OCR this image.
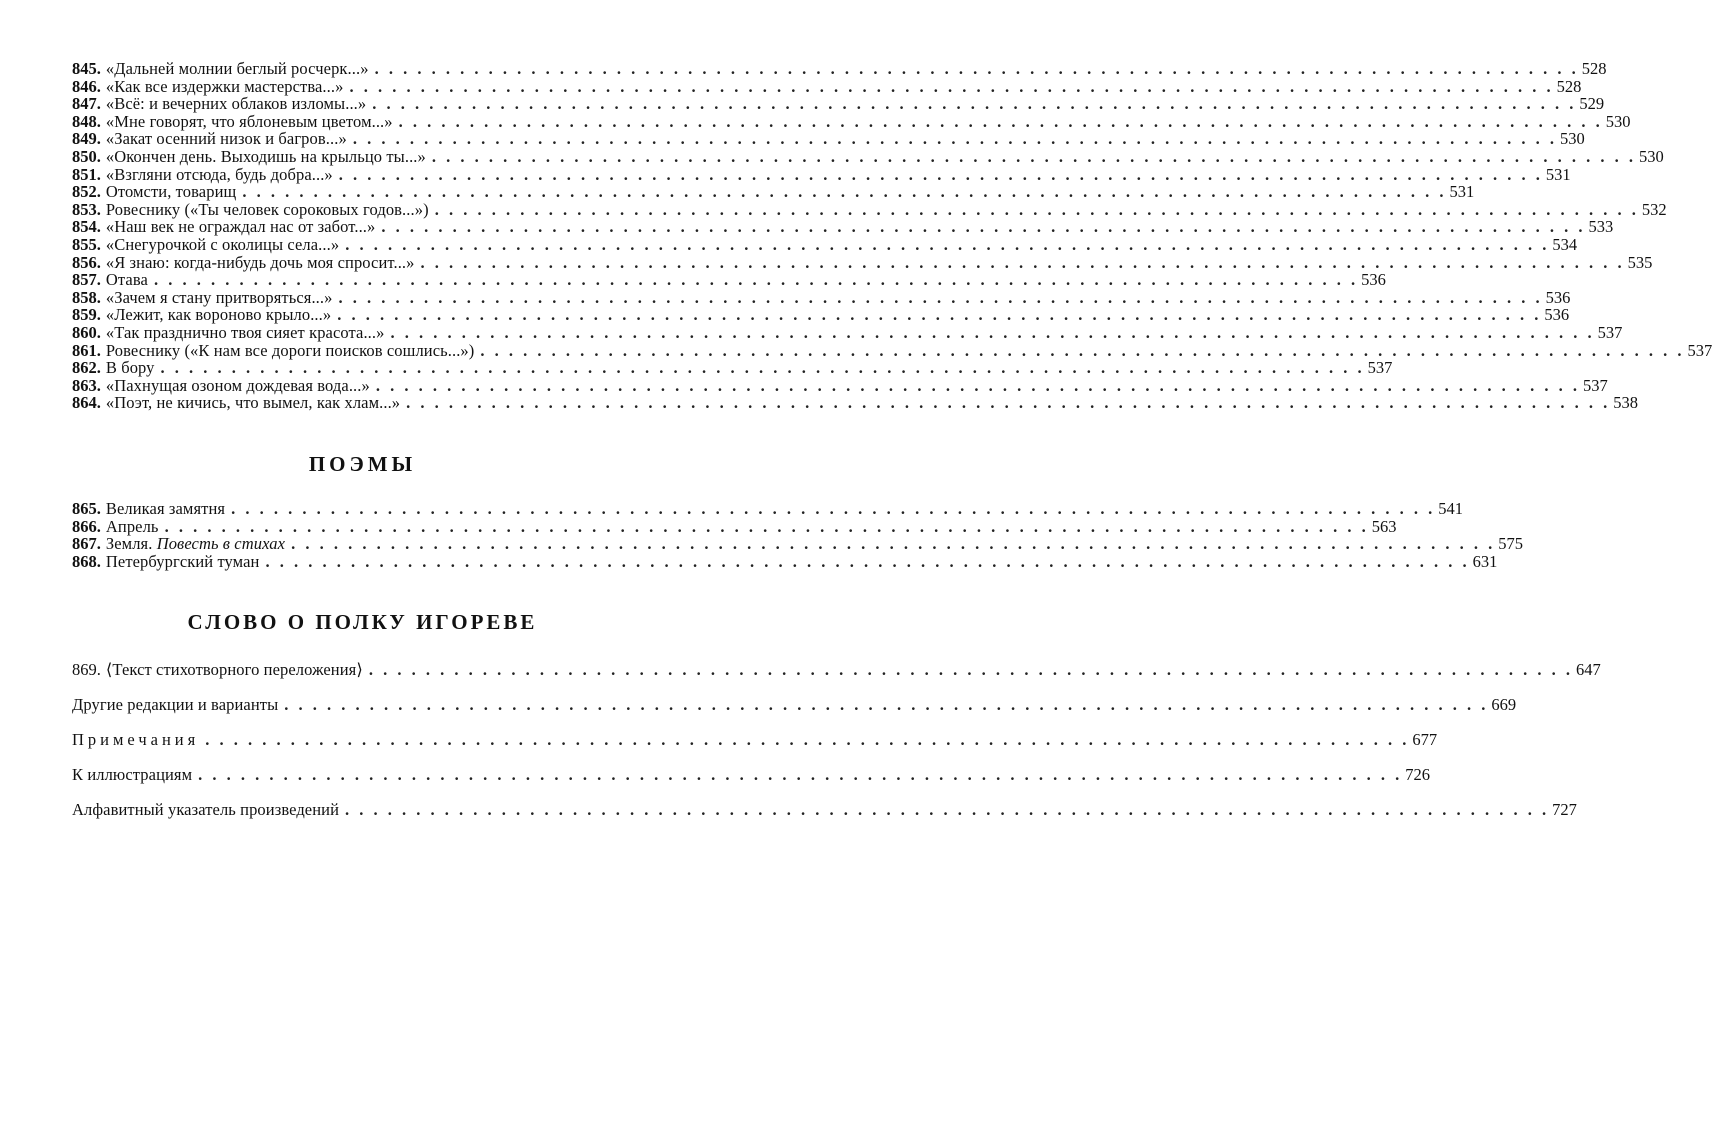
845. «Дальней молнии беглый росчерк...» . . .	528
846. «Как все издержки мастерства...» . . .	528
847. «Всё: и вечерних облаков изломы...» . . .	529
848. «Мне говорят, что яблоневым цветом...» . . .	530
849. «Закат осенний низок и багров...» . . .	530
850. «Окончен день. Выходишь на крыльцо ты...» . . .	530
851. «Взгляни отсюда, будь добра...» . . .	531
852. Отомсти, товарищ . . .	531
853. Ровеснику («Ты человек сороковых годов...») . . .	532
854. «Наш век не ограждал нас от забот...» . . .	533
855. «Снегурочкой с околицы села...» . . .	534
856. «Я знаю: когда-нибудь дочь моя спросит...» . . .	535
857. Отава . . .	536
858. «Зачем я стану притворяться...» . . .	536
859. «Лежит, как вороново крыло...» . . .	536
860. «Так празднично твоя сияет красота...» . . .	537
861. Ровеснику («К нам все дороги поисков сошлись...») . . .	537
862. В бору . . .	537
863. «Пахнущая озоном дождевая вода...» . . .	537
864. «Поэт, не кичись, что вымел, как хлам...» . . .	538
ПОЭМЫ
865. Великая замятня . . .	541
866. Апрель . . .	563
867. Земля. Повесть в стихах . . .	575
868. Петербургский туман . . .	631
СЛОВО О ПОЛКУ ИГОРЕВЕ
869. ⟨Текст стихотворного переложения⟩ . . .	647
Другие редакции и варианты . . .	669
Примечания . . .	677
К иллюстрациям . . .	726
Алфавитный указатель произведений . . .	727
